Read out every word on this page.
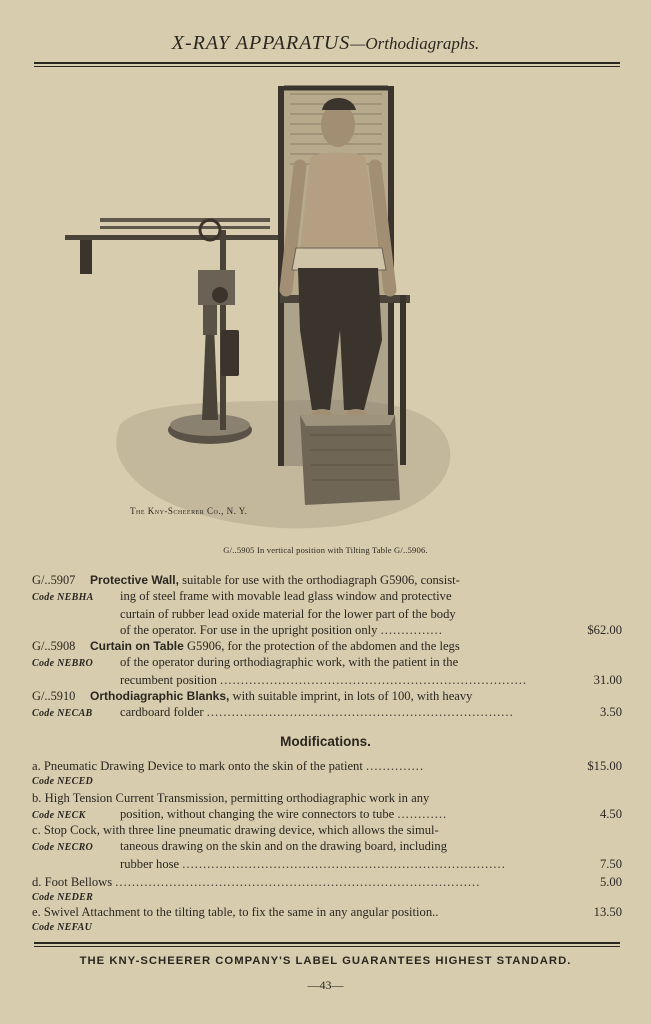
X-RAY APPARATUS—Orthodiagraphs.
The Kny-Scheerer Co., N. Y.
G/..5905 In vertical position with Tilting Table G/..5906.
G/..5907	Protective Wall, suitable for use with the orthodiagraph G5906, consist-
Code NEBHA	ing of steel frame with movable lead glass window and protective
curtain of rubber lead oxide material for the lower part of the body
of the operator. For use in the upright position only ...............	$62.00
G/..5908	Curtain on Table G5906, for the protection of the abdomen and the legs
Code NEBRO	of the operator during orthodiagraphic work, with the patient in the
recumbent position ..........................................................................	31.00
G/..5910	Orthodiagraphic Blanks, with suitable imprint, in lots of 100, with heavy
Code NECAB	cardboard folder ..........................................................................	3.50
Modifications.
a. Pneumatic Drawing Device to mark onto the skin of the patient ..............	$15.00
Code NECED
b. High Tension Current Transmission, permitting orthodiagraphic work in any
Code NECK	position, without changing the wire connectors to tube ............	4.50
c. Stop Cock, with three line pneumatic drawing device, which allows the simul-
Code NECRO	taneous drawing on the skin and on the drawing board, including
rubber hose ..............................................................................	7.50
d. Foot Bellows ........................................................................................	5.00
Code NEDER
e. Swivel Attachment to the tilting table, to fix the same in any angular position..	13.50
Code NEFAU
THE KNY-SCHEERER COMPANY'S LABEL GUARANTEES HIGHEST STANDARD.
—43—
